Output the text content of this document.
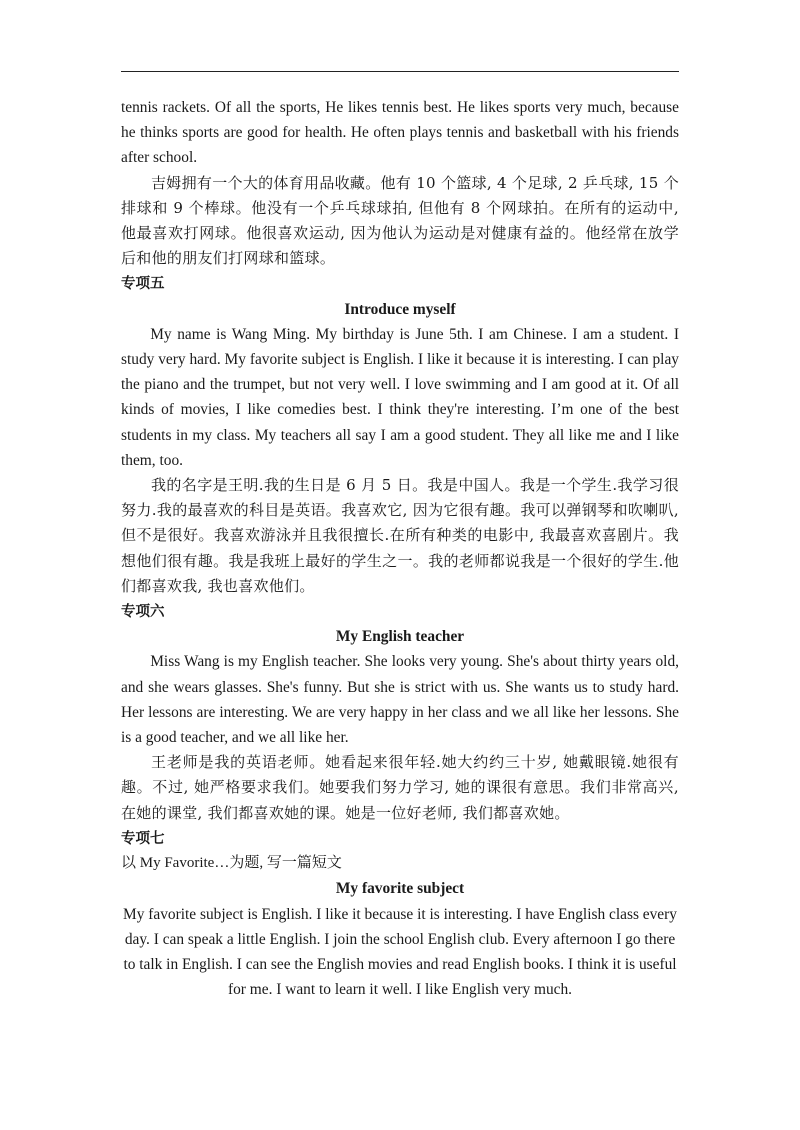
tennis rackets. Of all the sports, He likes tennis best. He likes sports very much, because he thinks sports are good for health. He often plays tennis and basketball with his friends after school.

吉姆拥有一个大的体育用品收藏。他有 10 个篮球, 4 个足球, 2 乒乓球, 15 个排球和 9 个棒球。他没有一个乒乓球球拍, 但他有 8 个网球拍。在所有的运动中,他最喜欢打网球。他很喜欢运动, 因为他认为运动是对健康有益的。他经常在放学后和他的朋友们打网球和篮球。

专项五

Introduce myself

My name is Wang Ming. My birthday is June 5th. I am Chinese. I am a student. I study very hard. My favorite subject is English. I like it because it is interesting. I can play the piano and the trumpet, but not very well. I love swimming and I am good at it. Of all kinds of movies, I like comedies best. I think they're interesting. I’m one of the best students in my class. My teachers all say I am a good student. They all like me and I like them, too.

我的名字是王明.我的生日是 6 月 5 日。我是中国人。我是一个学生.我学习很努力.我的最喜欢的科目是英语。我喜欢它, 因为它很有趣。我可以弹钢琴和吹喇叭, 但不是很好。我喜欢游泳并且我很擅长.在所有种类的电影中, 我最喜欢喜剧片。我想他们很有趣。我是我班上最好的学生之一。我的老师都说我是一个很好的学生.他们都喜欢我, 我也喜欢他们。

专项六

My English teacher

Miss Wang is my English teacher. She looks very young. She's about thirty years old, and she wears glasses. She's funny. But she is strict with us. She wants us to study hard. Her lessons are interesting. We are very happy in her class and we all like her lessons. She is a good teacher, and we all like her.

王老师是我的英语老师。她看起来很年轻.她大约约三十岁, 她戴眼镜.她很有趣。不过, 她严格要求我们。她要我们努力学习, 她的课很有意思。我们非常高兴, 在她的课堂, 我们都喜欢她的课。她是一位好老师, 我们都喜欢她。

专项七

以 My Favorite…为题, 写一篇短文

My favorite subject

My favorite subject is English. I like it because it is interesting. I have English class every day. I can speak a little English. I join the school English club. Every afternoon I go there to talk in English. I can see the English movies and read English books. I think it is useful for me. I want to learn it well. I like English very much.
